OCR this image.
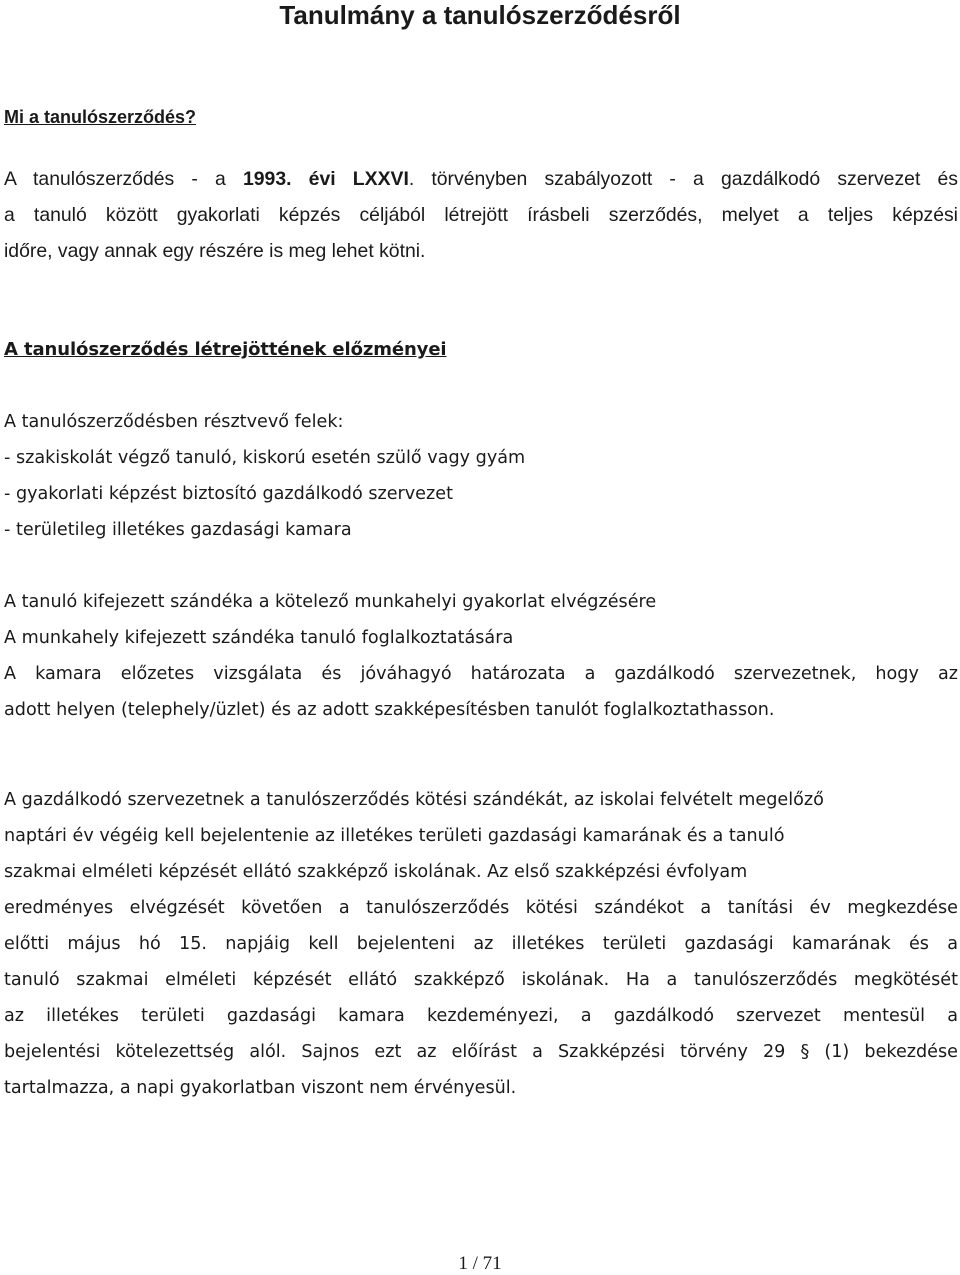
Tanulmány a tanulószerződésről
Mi a tanulószerződés?
A tanulószerződés - a 1993. évi LXXVI. törvényben szabályozott - a gazdálkodó szervezet és
a tanuló között gyakorlati képzés céljából létrejött írásbeli szerződés, melyet a teljes képzési
időre, vagy annak egy részére is meg lehet kötni.
A tanulószerződés létrejöttének előzményei
A tanulószerződésben résztvevő felek:
- szakiskolát végző tanuló, kiskorú esetén szülő vagy gyám
- gyakorlati képzést biztosító gazdálkodó szervezet
- területileg illetékes gazdasági kamara
A tanuló kifejezett szándéka a kötelező munkahelyi gyakorlat elvégzésére
A munkahely kifejezett szándéka tanuló foglalkoztatására
A kamara előzetes vizsgálata és jóváhagyó határozata a gazdálkodó szervezetnek, hogy az
adott helyen (telephely/üzlet) és az adott szakképesítésben tanulót foglalkoztathasson.
A gazdálkodó szervezetnek a tanulószerződés kötési szándékát, az iskolai felvételt megelőző
naptári év végéig kell bejelentenie az illetékes területi gazdasági kamarának és a tanuló
szakmai elméleti képzését ellátó szakképző iskolának. Az első szakképzési évfolyam
eredményes elvégzését követően a tanulószerződés kötési szándékot a tanítási év megkezdése
előtti május hó 15. napjáig kell bejelenteni az illetékes területi gazdasági kamarának és a
tanuló szakmai elméleti képzését ellátó szakképző iskolának. Ha a tanulószerződés megkötését
az illetékes területi gazdasági kamara kezdeményezi, a gazdálkodó szervezet mentesül a
bejelentési kötelezettség alól. Sajnos ezt az előírást a Szakképzési törvény 29 § (1) bekezdése
tartalmazza, a napi gyakorlatban viszont nem érvényesül.
1 / 71
